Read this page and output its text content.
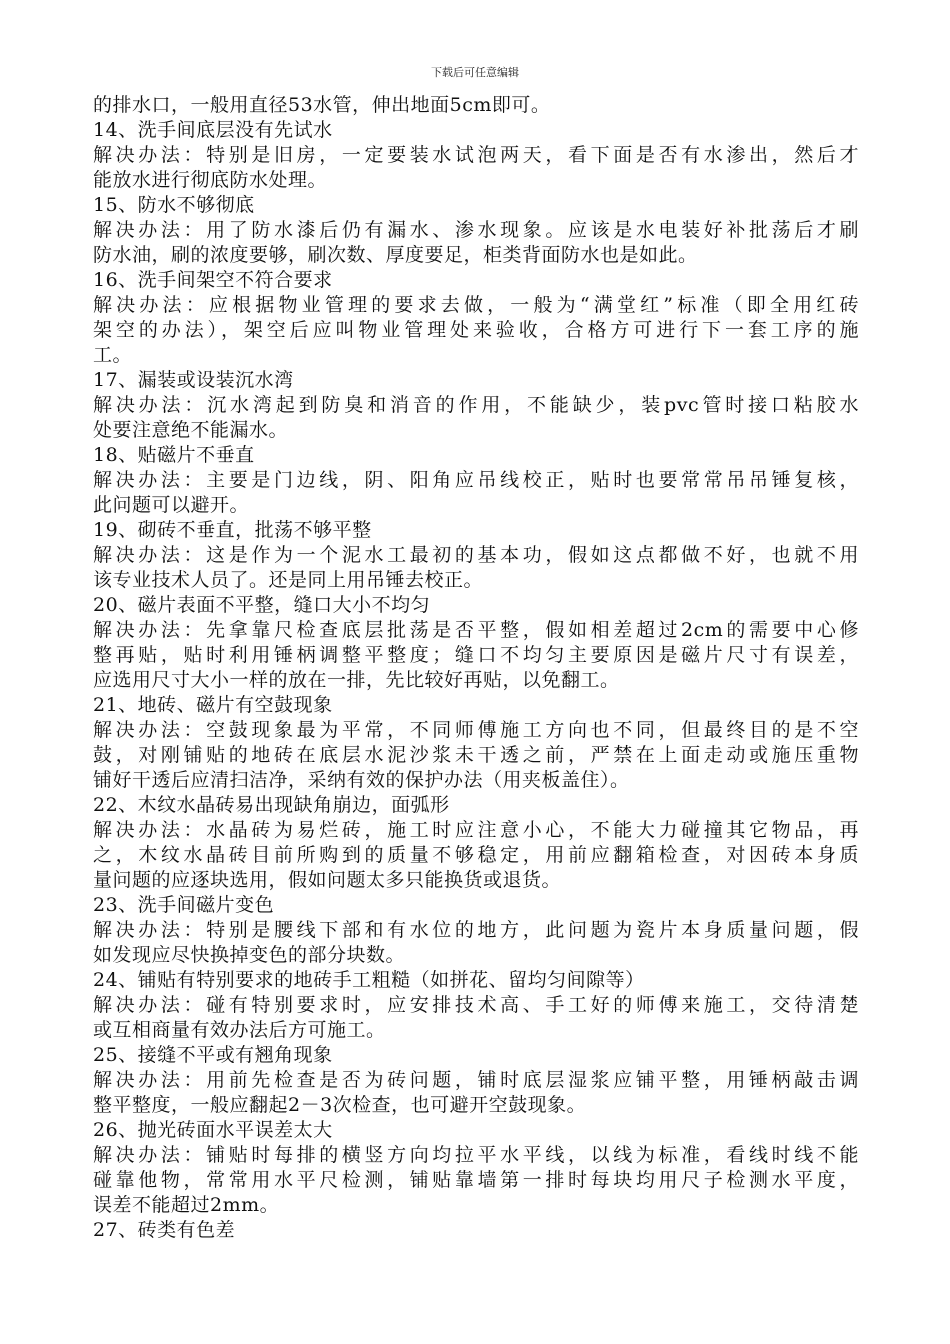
下载后可任意编辑
的排水口，一般用直径53水管，伸出地面5cm即可。
14、洗手间底层没有先试水
解决办法：特别是旧房，一定要装水试泡两天，看下面是否有水渗出，然后才
能放水进行彻底防水处理。
15、防水不够彻底
解决办法：用了防水漆后仍有漏水、渗水现象。应该是水电装好补批荡后才刷
防水油，刷的浓度要够，刷次数、厚度要足，柜类背面防水也是如此。
16、洗手间架空不符合要求
解决办法：应根据物业管理的要求去做，一般为“满堂红”标准（即全用红砖
架空的办法），架空后应叫物业管理处来验收，合格方可进行下一套工序的施
工。
17、漏装或设装沉水湾
解决办法：沉水湾起到防臭和消音的作用，不能缺少，装pvc管时接口粘胶水
处要注意绝不能漏水。
18、贴磁片不垂直
解决办法：主要是门边线，阴、阳角应吊线校正，贴时也要常常吊吊锤复核，
此问题可以避开。
19、砌砖不垂直，批荡不够平整
解决办法：这是作为一个泥水工最初的基本功，假如这点都做不好，也就不用
该专业技术人员了。还是同上用吊锤去校正。
20、磁片表面不平整，缝口大小不均匀
解决办法：先拿靠尺检查底层批荡是否平整，假如相差超过2cm的需要中心修
整再贴，贴时利用锤柄调整平整度；缝口不均匀主要原因是磁片尺寸有误差，
应选用尺寸大小一样的放在一排，先比较好再贴，以免翻工。
21、地砖、磁片有空鼓现象
解决办法：空鼓现象最为平常，不同师傅施工方向也不同，但最终目的是不空
鼓，对刚铺贴的地砖在底层水泥沙浆未干透之前，严禁在上面走动或施压重物
铺好干透后应清扫洁净，采纳有效的保护办法（用夹板盖住）。
22、木纹水晶砖易出现缺角崩边，面弧形
解决办法：水晶砖为易烂砖，施工时应注意小心，不能大力碰撞其它物品，再
之，木纹水晶砖目前所购到的质量不够稳定，用前应翻箱检查，对因砖本身质
量问题的应逐块选用，假如问题太多只能换货或退货。
23、洗手间磁片变色
解决办法：特别是腰线下部和有水位的地方，此问题为瓷片本身质量问题，假
如发现应尽快换掉变色的部分块数。
24、铺贴有特别要求的地砖手工粗糙（如拼花、留均匀间隙等）
解决办法：碰有特别要求时，应安排技术高、手工好的师傅来施工，交待清楚
或互相商量有效办法后方可施工。
25、接缝不平或有翘角现象
解决办法：用前先检查是否为砖问题，铺时底层湿浆应铺平整，用锤柄敲击调
整平整度，一般应翻起2－3次检查，也可避开空鼓现象。
26、抛光砖面水平误差太大
解决办法：铺贴时每排的横竖方向均拉平水平线，以线为标准，看线时线不能
碰靠他物，常常用水平尺检测，铺贴靠墙第一排时每块均用尺子检测水平度，
误差不能超过2mm。
27、砖类有色差
